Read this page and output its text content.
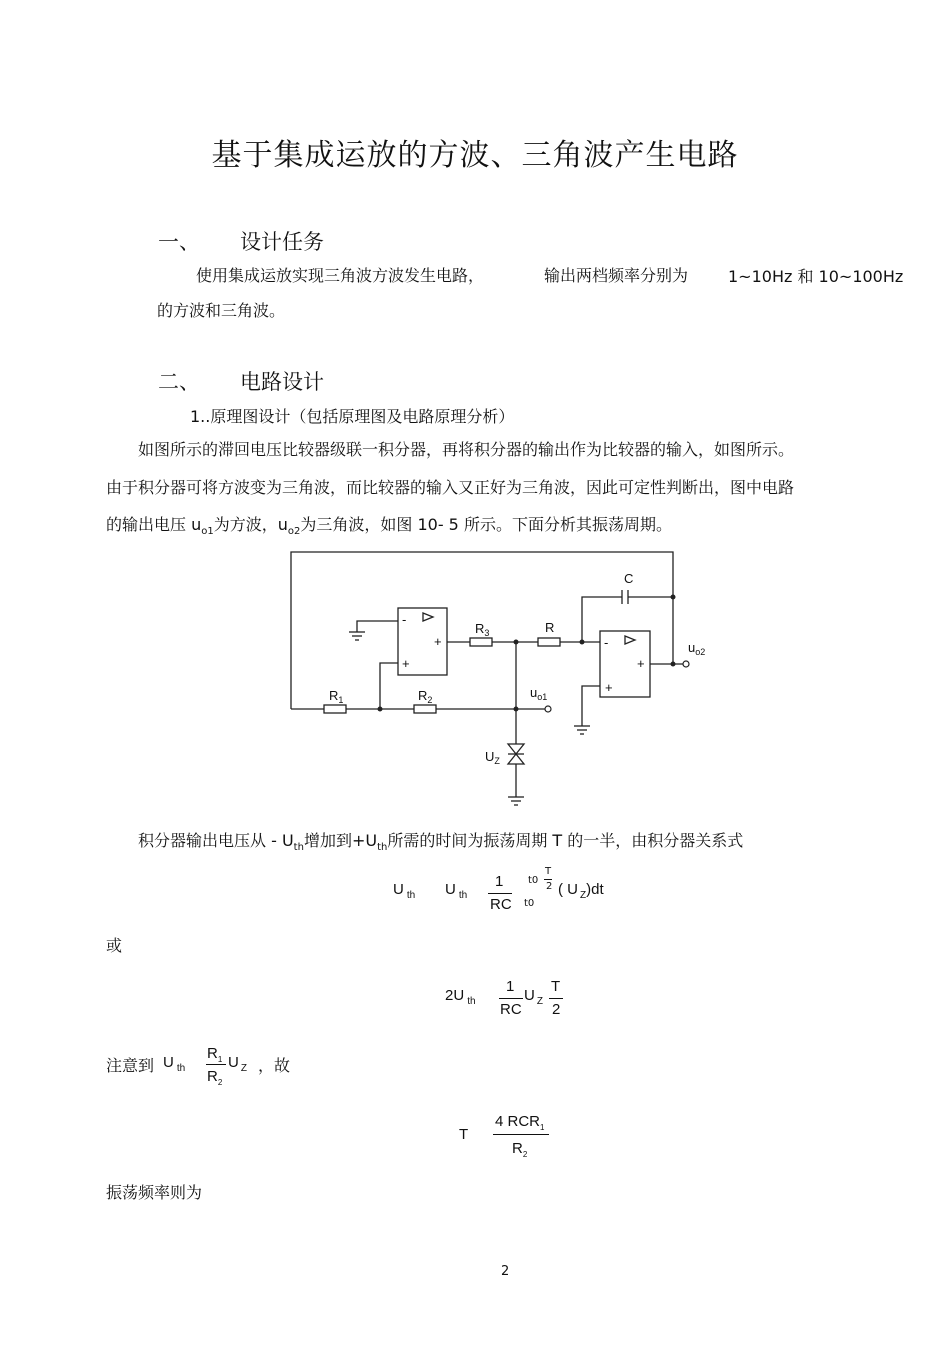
基于集成运放的方波、三角波产生电路
一、 设计任务
使用集成运放实现三角波方波发生电路，	输出两档频率分别为 1~10Hz 和 10~100Hz
的方波和三角波。
二、 电路设计
1..原理图设计（包括原理图及电路原理分析）
如图所示的滞回电压比较器级联一积分器，再将积分器的输出作为比较器的输入，如图所示。
由于积分器可将方波变为三角波，而比较器的输入又正好为三角波，因此可定性判断出，图中电路
的输出电压 $u_{o1}$为方波，$u_{o2}$为三角波，如图 10- 5 所示。下面分析其振荡周期。
C
$R_3$	R
$R_1$	$R_2$	$u_{o1}$
$u_{o2}$
$U_Z$
-
+
+
-
+
+
积分器输出电压从 - $U_{th}$增加到$+U_{th}$所需的时间为振荡周期 T 的一半，由积分器关系式
U $_{th}$ U $_{th}$
1
RC
t0
t0
T
2 ( U $_Z$)dt
或
2U $_{th}$
1
RC
U $_Z$
T
2
注意到 U $_{th}$
$R_1$
$R_2$
U $_Z$ ，故
T
4 $RCR_1$
$R_2$
振荡频率则为
2
